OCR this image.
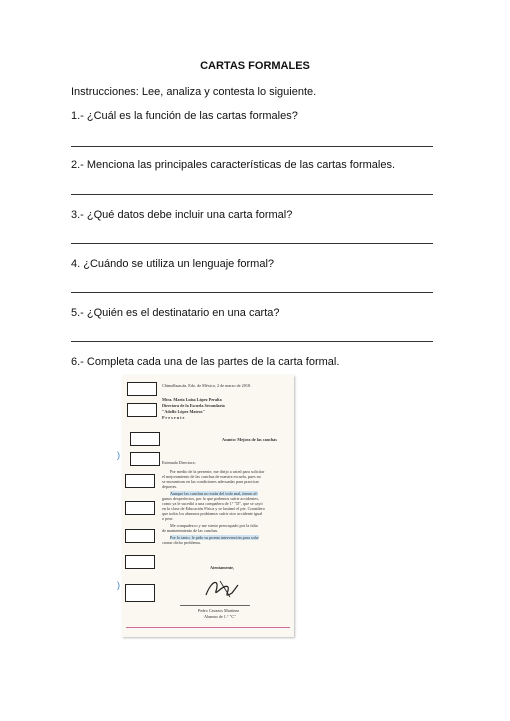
CARTAS FORMALES
Instrucciones: Lee, analiza y contesta lo siguiente.
1.- ¿Cuál es la función de las cartas formales?
2.- Menciona las principales características de las cartas formales.
3.- ¿Qué datos debe incluir una carta formal?
4. ¿Cuándo se utiliza un lenguaje formal?
5.- ¿Quién es el destinatario en una carta?
6.- Completa cada una de las partes de la carta formal.
Chimalhuacán, Edo. de México, 2 de marzo de 2018.
Mtra. María Luisa López Peralta
Directora de la Escuela Secundaria
"Adolfo López Mateos"
P r e s e n t e
Asunto: Mejora de las canchas
Estimada Directora:
Por medio de la presente, me dirijo a usted para solicitar
el mejoramiento de las canchas de nuestra escuela, pues no
se encuentran en las condiciones adecuadas para practicar
deportes.
Aunque las canchas no están del todo mal, tienen al-
gunos desperfectos, por lo que podemos sufrir accidentes,
como ya le sucedió a una compañera de 1° "D", que se cayó
en la clase de Educación Física y se lastimó el pie. Considero
que todos los alumnos podríamos sufrir otro accidente igual
o peor.
Me compadezco y me siento preocupado por la falta
de mantenimiento de las canchas.
Por lo tanto, le pido su pronta intervención para solu-
cionar dicho problema.
Atentamente,
Pedro Cavazos Martínez
Alumno de 1.° "C"
)
)
